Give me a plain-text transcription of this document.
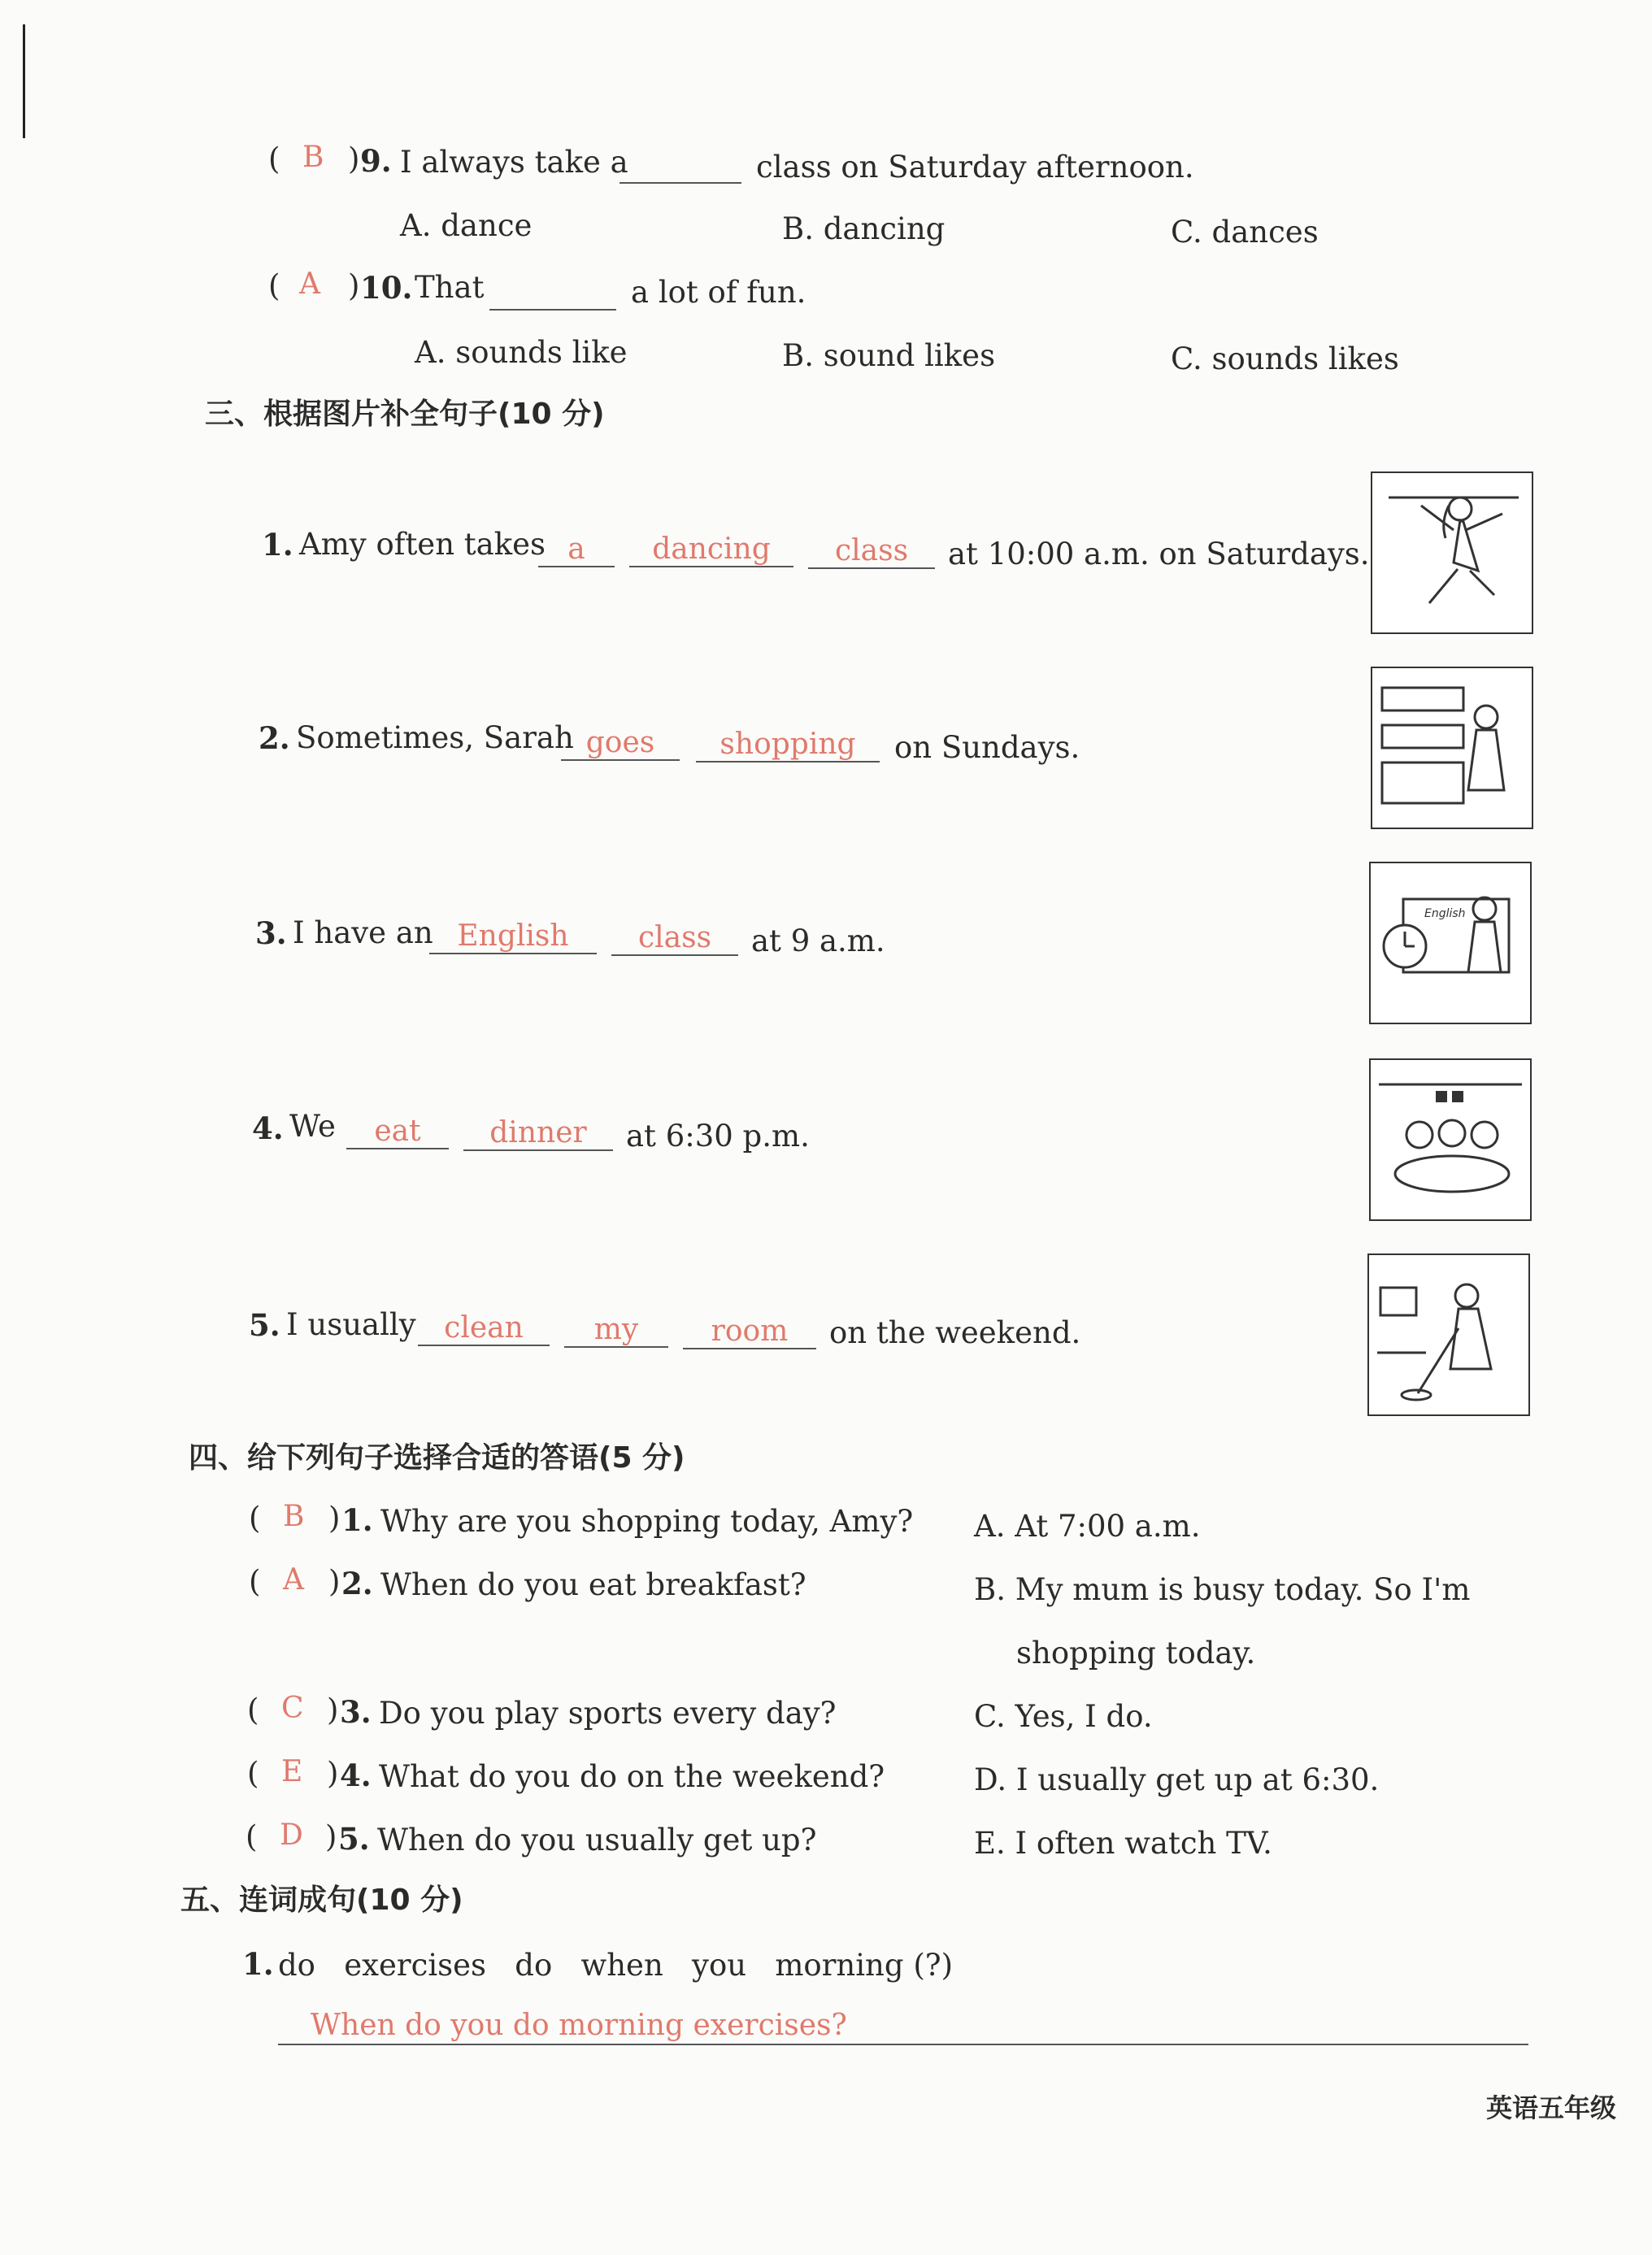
( B ) 9. I always take a	class on Saturday afternoon.
A. dance	B. dancing	C. dances
( A ) 10. That	a lot of fun.
A. sounds like	B. sound likes	C. sounds likes
三、根据图片补全句子(10 分)
1. Amy often takes a	dancing	class	at 10:00 a.m. on Saturdays.
2. Sometimes, Sarah goes	shopping	on Sundays.
3. I have an English	class	at 9 a.m.
English
4. We	eat	dinner	at 6:30 p.m.
5. I usually clean	my	room	on the weekend.
四、给下列句子选择合适的答语(5 分)
( B ) 1. Why are you shopping today, Amy?
( A ) 2. When do you eat breakfast?
( C ) 3. Do you play sports every day?
( E ) 4. What do you do on the weekend?
( D ) 5. When do you usually get up?
A. At 7:00 a.m.
B. My mum is busy today. So I'm
shopping today.
C. Yes, I do.
D. I usually get up at 6:30.
E. I often watch TV.
五、连词成句(10 分)
1. do   exercises   do   when   you   morning (?)
When do you do morning exercises?
英语五年级
